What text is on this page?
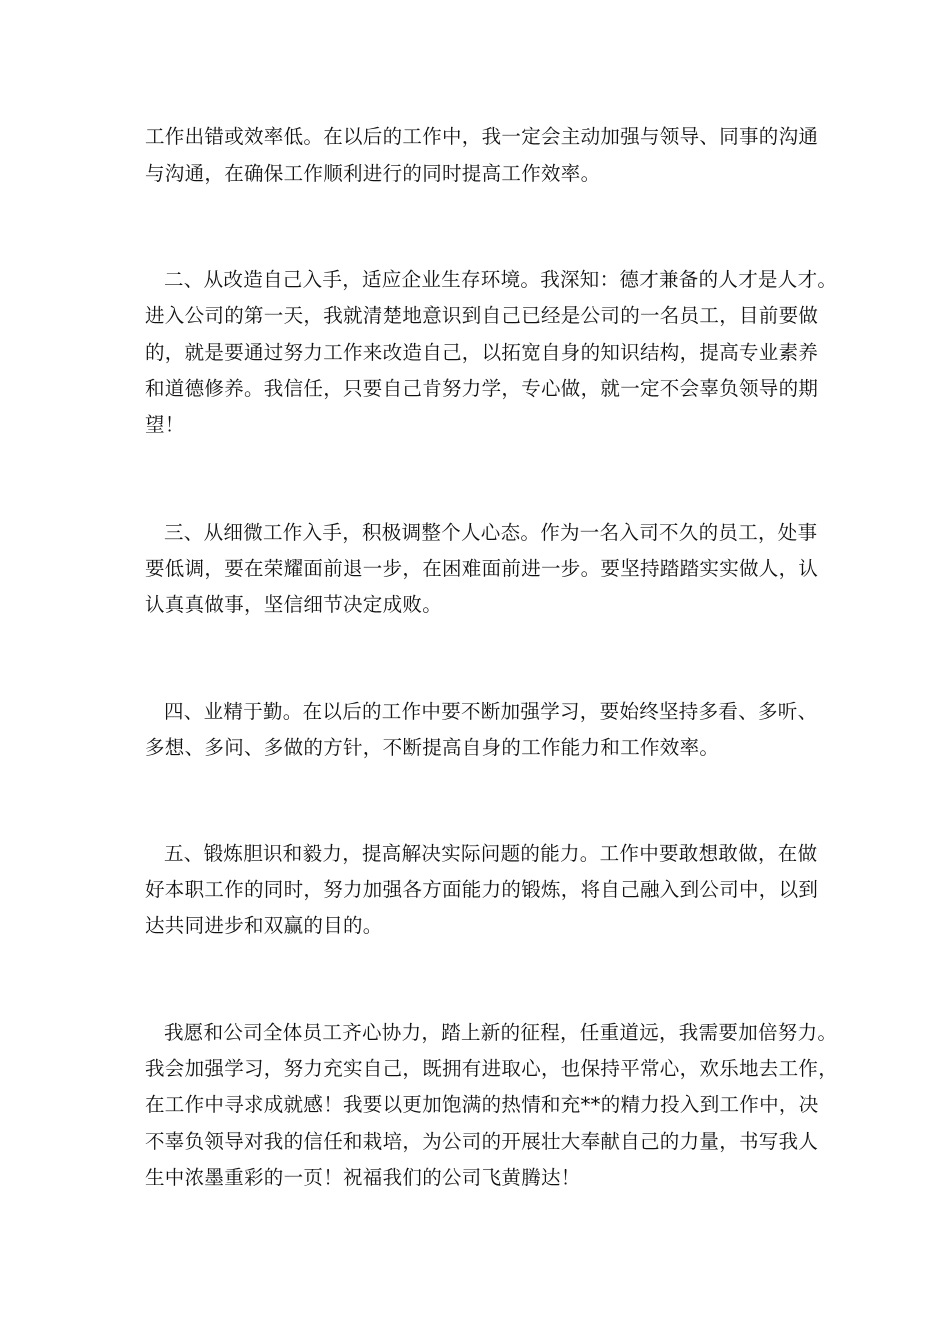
工作出错或效率低。在以后的工作中，我一定会主动加强与领导、同事的沟通
与沟通，在确保工作顺利进行的同时提高工作效率。
二、从改造自己入手，适应企业生存环境。我深知：德才兼备的人才是人才。
进入公司的第一天，我就清楚地意识到自己已经是公司的一名员工，目前要做
的，就是要通过努力工作来改造自己，以拓宽自身的知识结构，提高专业素养
和道德修养。我信任，只要自己肯努力学，专心做，就一定不会辜负领导的期
望！
三、从细微工作入手，积极调整个人心态。作为一名入司不久的员工，处事
要低调，要在荣耀面前退一步，在困难面前进一步。要坚持踏踏实实做人，认
认真真做事，坚信细节决定成败。
四、业精于勤。在以后的工作中要不断加强学习，要始终坚持多看、多听、
多想、多问、多做的方针，不断提高自身的工作能力和工作效率。
五、锻炼胆识和毅力，提高解决实际问题的能力。工作中要敢想敢做，在做
好本职工作的同时，努力加强各方面能力的锻炼，将自己融入到公司中，以到
达共同进步和双赢的目的。
我愿和公司全体员工齐心协力，踏上新的征程，任重道远，我需要加倍努力。
我会加强学习，努力充实自己，既拥有进取心，也保持平常心，欢乐地去工作，
在工作中寻求成就感！我要以更加饱满的热情和充**的精力投入到工作中，决
不辜负领导对我的信任和栽培，为公司的开展壮大奉献自己的力量，书写我人
生中浓墨重彩的一页！祝福我们的公司飞黄腾达！
